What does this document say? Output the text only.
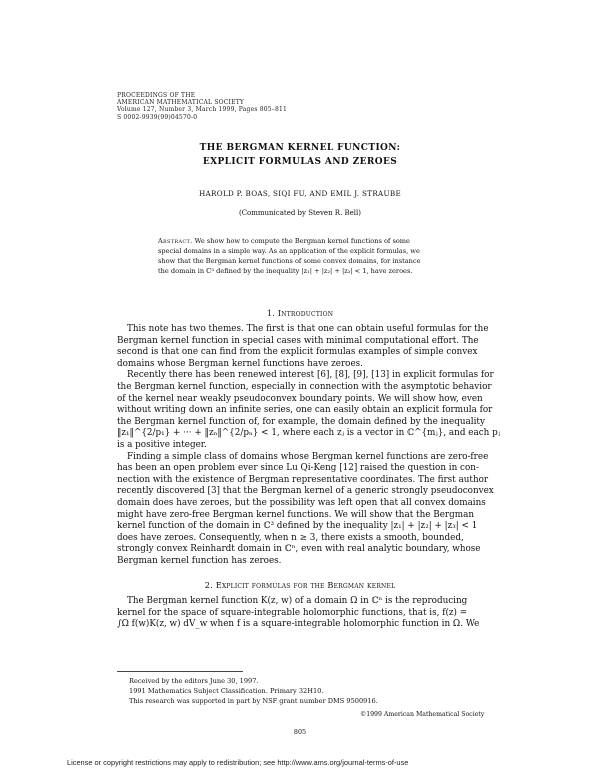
PROCEEDINGS OF THE
AMERICAN MATHEMATICAL SOCIETY
Volume 127, Number 3, March 1999, Pages 805–811
S 0002-9939(99)04570-0
THE BERGMAN KERNEL FUNCTION:
EXPLICIT FORMULAS AND ZEROES
HAROLD P. BOAS, SIQI FU, AND EMIL J. STRAUBE
(Communicated by Steven R. Bell)
Abstract. We show how to compute the Bergman kernel functions of some
special domains in a simple way. As an application of the explicit formulas, we
show that the Bergman kernel functions of some convex domains, for instance
the domain in ℂ³ defined by the inequality |z₁| + |z₂| + |z₃| < 1, have zeroes.
1. Introduction
This note has two themes. The first is that one can obtain useful formulas for the
Bergman kernel function in special cases with minimal computational effort. The
second is that one can find from the explicit formulas examples of simple convex
domains whose Bergman kernel functions have zeroes.
Recently there has been renewed interest [6], [8], [9], [13] in explicit formulas for
the Bergman kernel function, especially in connection with the asymptotic behavior
of the kernel near weakly pseudoconvex boundary points. We will show how, even
without writing down an infinite series, one can easily obtain an explicit formula for
the Bergman kernel function of, for example, the domain defined by the inequality
‖z₁‖^{2/p₁} + ··· + ‖zₙ‖^{2/pₙ} < 1, where each zⱼ is a vector in ℂ^{mⱼ}, and each pⱼ
is a positive integer.
Finding a simple class of domains whose Bergman kernel functions are zero-free
has been an open problem ever since Lu Qi-Keng [12] raised the question in con-
nection with the existence of Bergman representative coordinates. The first author
recently discovered [3] that the Bergman kernel of a generic strongly pseudoconvex
domain does have zeroes, but the possibility was left open that all convex domains
might have zero-free Bergman kernel functions. We will show that the Bergman
kernel function of the domain in ℂ³ defined by the inequality |z₁| + |z₂| + |z₃| < 1
does have zeroes. Consequently, when n ≥ 3, there exists a smooth, bounded,
strongly convex Reinhardt domain in ℂⁿ, even with real analytic boundary, whose
Bergman kernel function has zeroes.
2. Explicit formulas for the Bergman kernel
The Bergman kernel function K(z, w) of a domain Ω in ℂⁿ is the reproducing
kernel for the space of square-integrable holomorphic functions, that is, f(z) =
∫Ω f(w)K(z, w) dV_w when f is a square-integrable holomorphic function in Ω. We
Received by the editors June 30, 1997.
1991 Mathematics Subject Classification. Primary 32H10.
This research was supported in part by NSF grant number DMS 9500916.
©1999 American Mathematical Society
805
License or copyright restrictions may apply to redistribution; see http://www.ams.org/journal-terms-of-use
